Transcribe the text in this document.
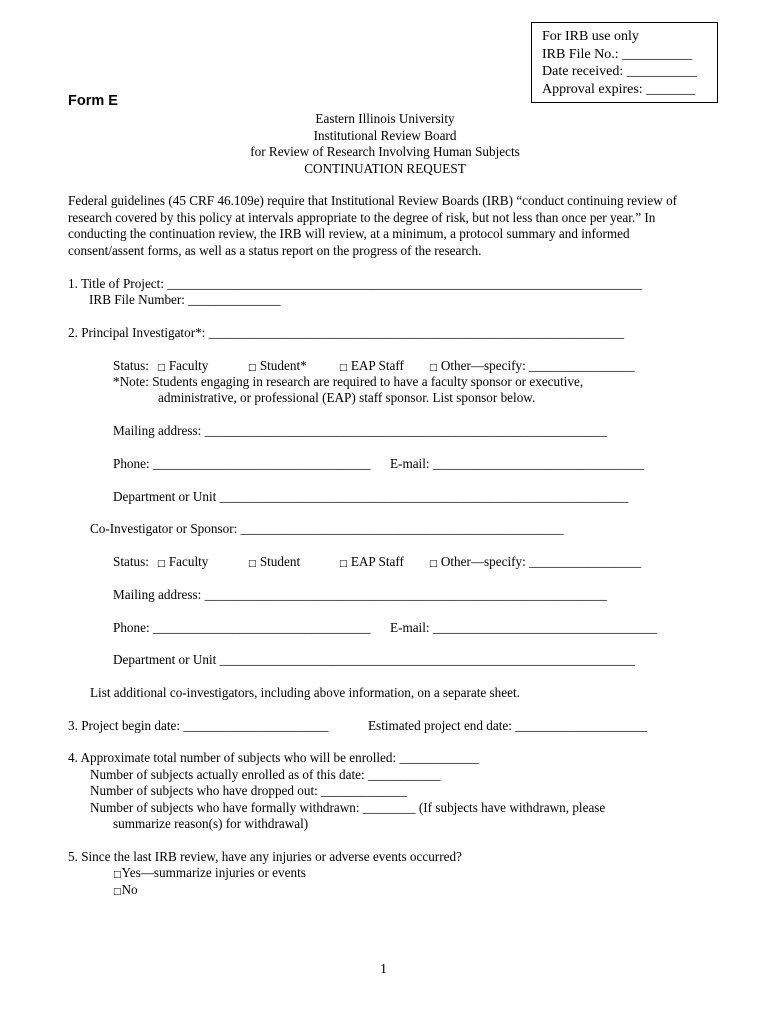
For IRB use only
IRB File No.: __________
Date received: __________
Approval expires: _______
Form E
Eastern Illinois University
Institutional Review Board
for Review of Research Involving Human Subjects
CONTINUATION REQUEST
Federal guidelines (45 CRF 46.109e) require that Institutional Review Boards (IRB) “conduct continuing review of research covered by this policy at intervals appropriate to the degree of risk, but not less than once per year.” In conducting the continuation review, the IRB will review, at a minimum, a protocol summary and informed consent/assent forms, as well as a status report on the progress of the research.
1. Title of Project: ________________________________________________________________________
IRB File Number: ______________
2. Principal Investigator*: _______________________________________________________________
Status: □ Faculty	□ Student*	□ EAP Staff	□ Other—specify: ________________
*Note: Students engaging in research are required to have a faculty sponsor or executive,
administrative, or professional (EAP) staff sponsor. List sponsor below.
Mailing address: _____________________________________________________________
Phone: _________________________________ E-mail: ________________________________
Department or Unit ______________________________________________________________
Co-Investigator or Sponsor: _________________________________________________
Status: □ Faculty	□ Student	□ EAP Staff	□ Other—specify: _________________
Mailing address: _____________________________________________________________
Phone: _________________________________ E-mail: __________________________________
Department or Unit _______________________________________________________________
List additional co-investigators, including above information, on a separate sheet.
3. Project begin date: ______________________	Estimated project end date: ____________________
4. Approximate total number of subjects who will be enrolled: ____________
Number of subjects actually enrolled as of this date: ___________
Number of subjects who have dropped out: _____________
Number of subjects who have formally withdrawn: ________ (If subjects have withdrawn, please
summarize reason(s) for withdrawal)
5. Since the last IRB review, have any injuries or adverse events occurred?
□Yes—summarize injuries or events
□No
1
